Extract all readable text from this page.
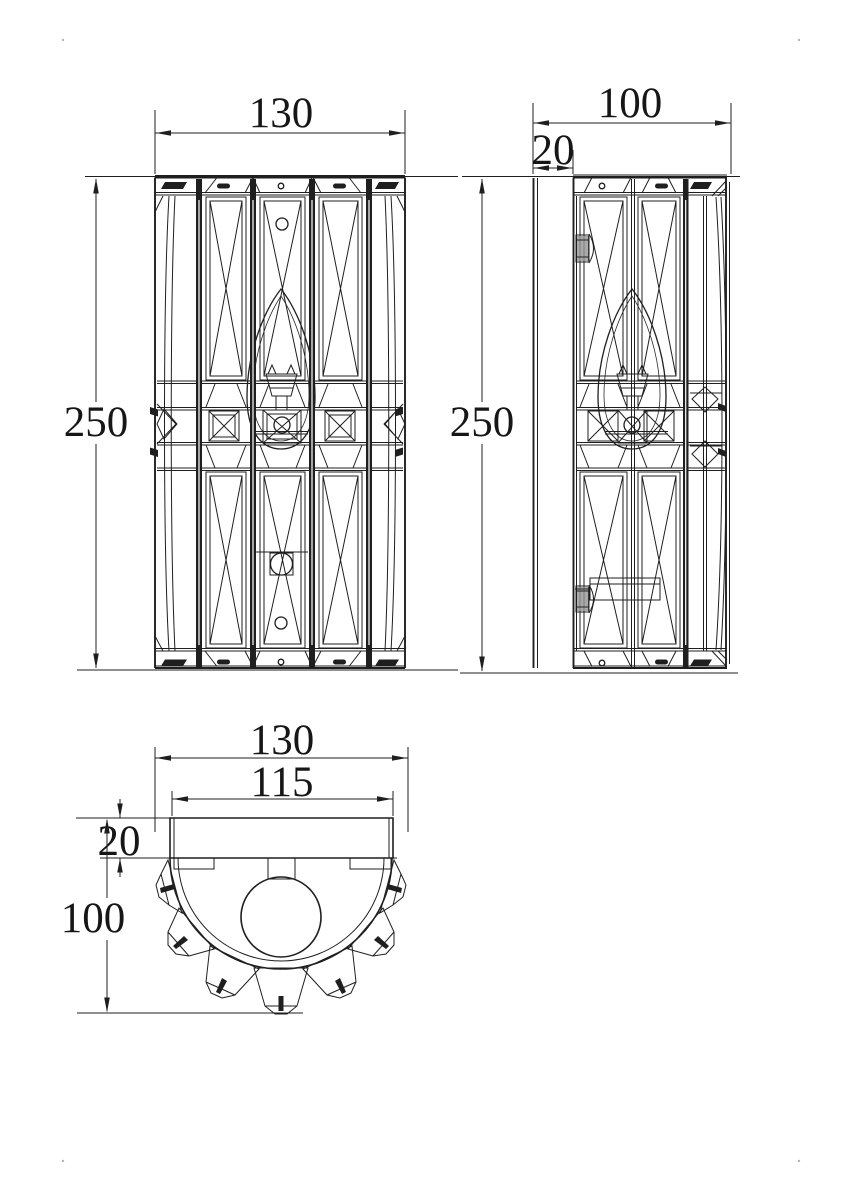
130
250
100
20
250
130
115
20
100
